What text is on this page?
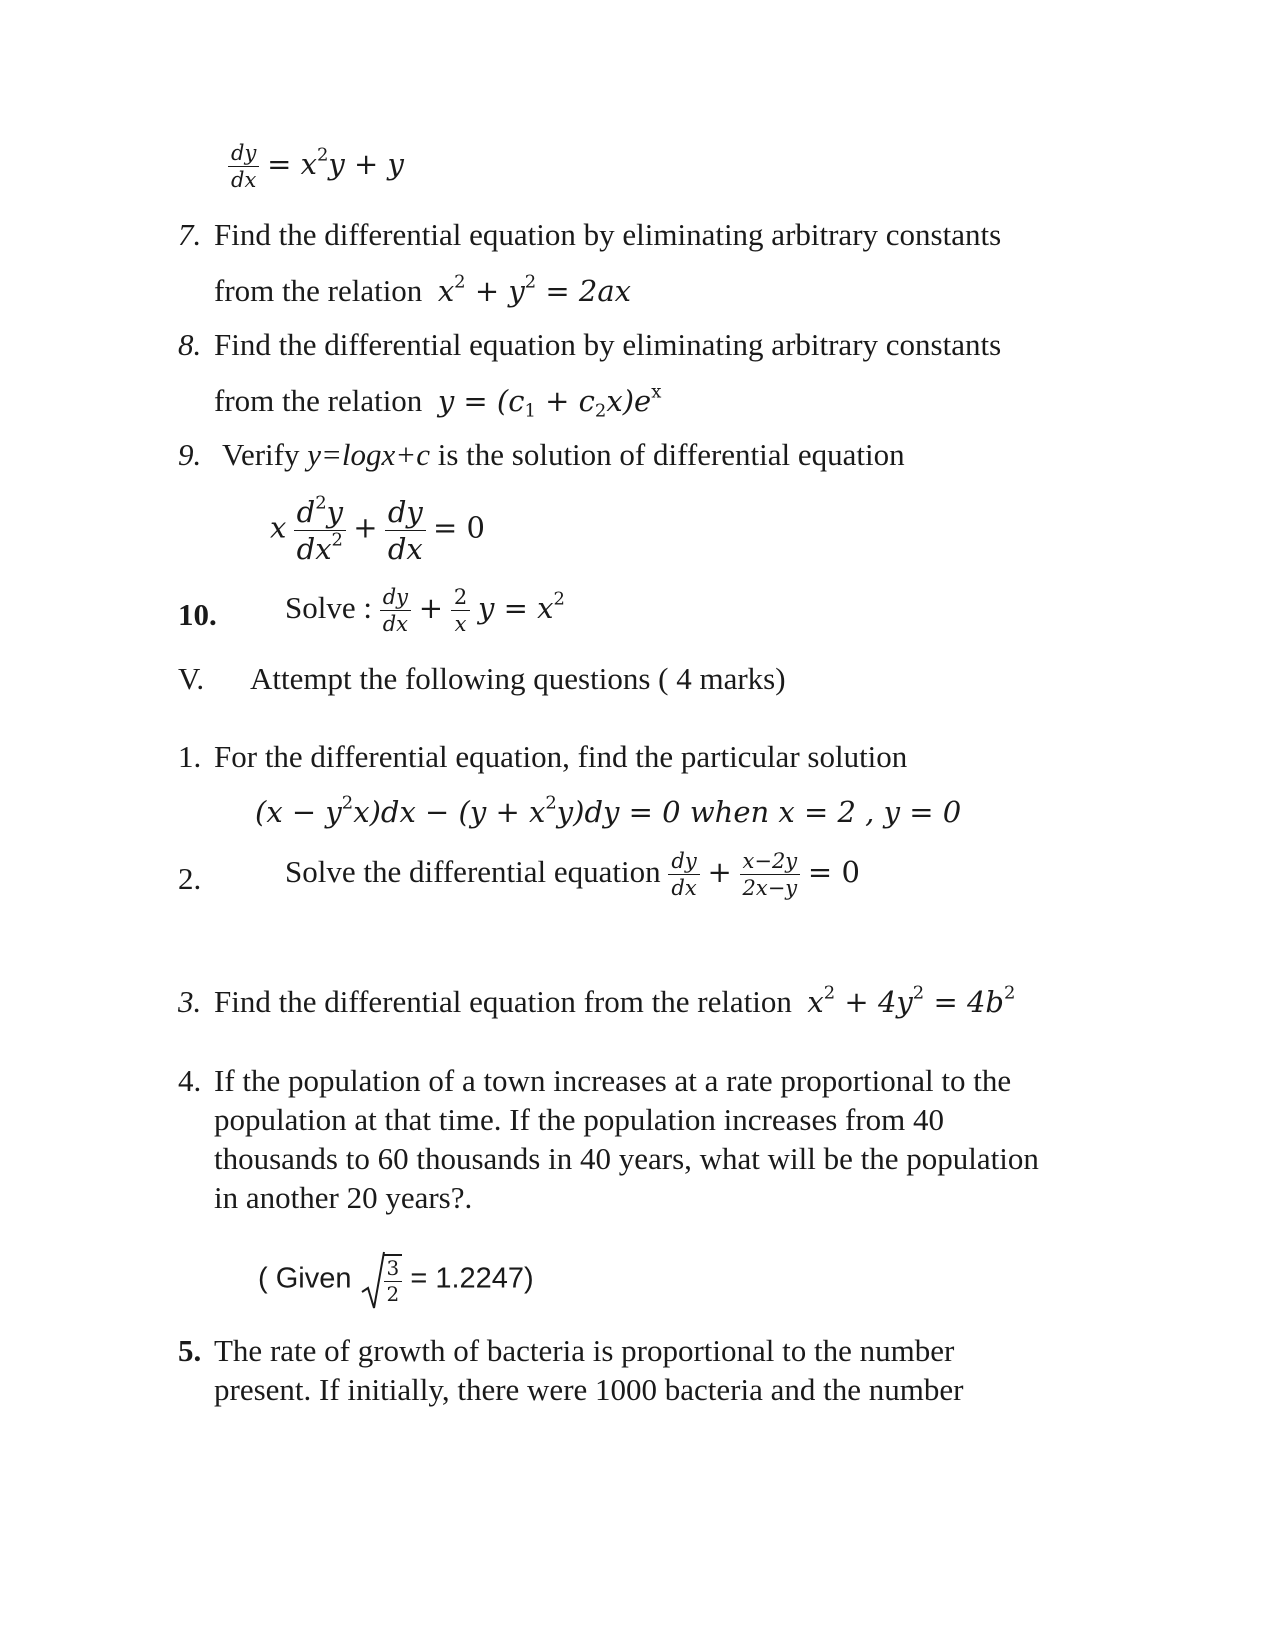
$\frac{dy}{dx} = x^2y + y$
7. Find the differential equation by eliminating arbitrary constants
from the relation $x^2 + y^2 = 2ax$
8. Find the differential equation by eliminating arbitrary constants
from the relation $y = (c_1 + c_2x)e^x$
9. Verify y=logx+c is the solution of differential equation
x $\frac{d^2y}{dx^2} + \frac{dy}{dx} = 0$
10. Solve : $\frac{dy}{dx} + \frac{2}{x}$ $y = x^2$
V. Attempt the following questions ( 4 marks)
1. For the differential equation, find the particular solution
$(x - y^2x)dx - (y + x^2y)dy = 0$ when x = 2 , y = 0
2.	Solve the differential equation $\frac{dy}{dx} + \frac{x-2y}{2x-y} = 0$
3. Find the differential equation from the relation $x^2 + 4y^2 = 4b^2$
4. If the population of a town increases at a rate proportional to the
population at that time. If the population increases from 40
thousands to 60 thousands in 40 years, what will be the population
in another 20 years?.
( Given $\frac{3}{2} = 1.2247$)
5. The rate of growth of bacteria is proportional to the number
present. If initially, there were 1000 bacteria and the number
